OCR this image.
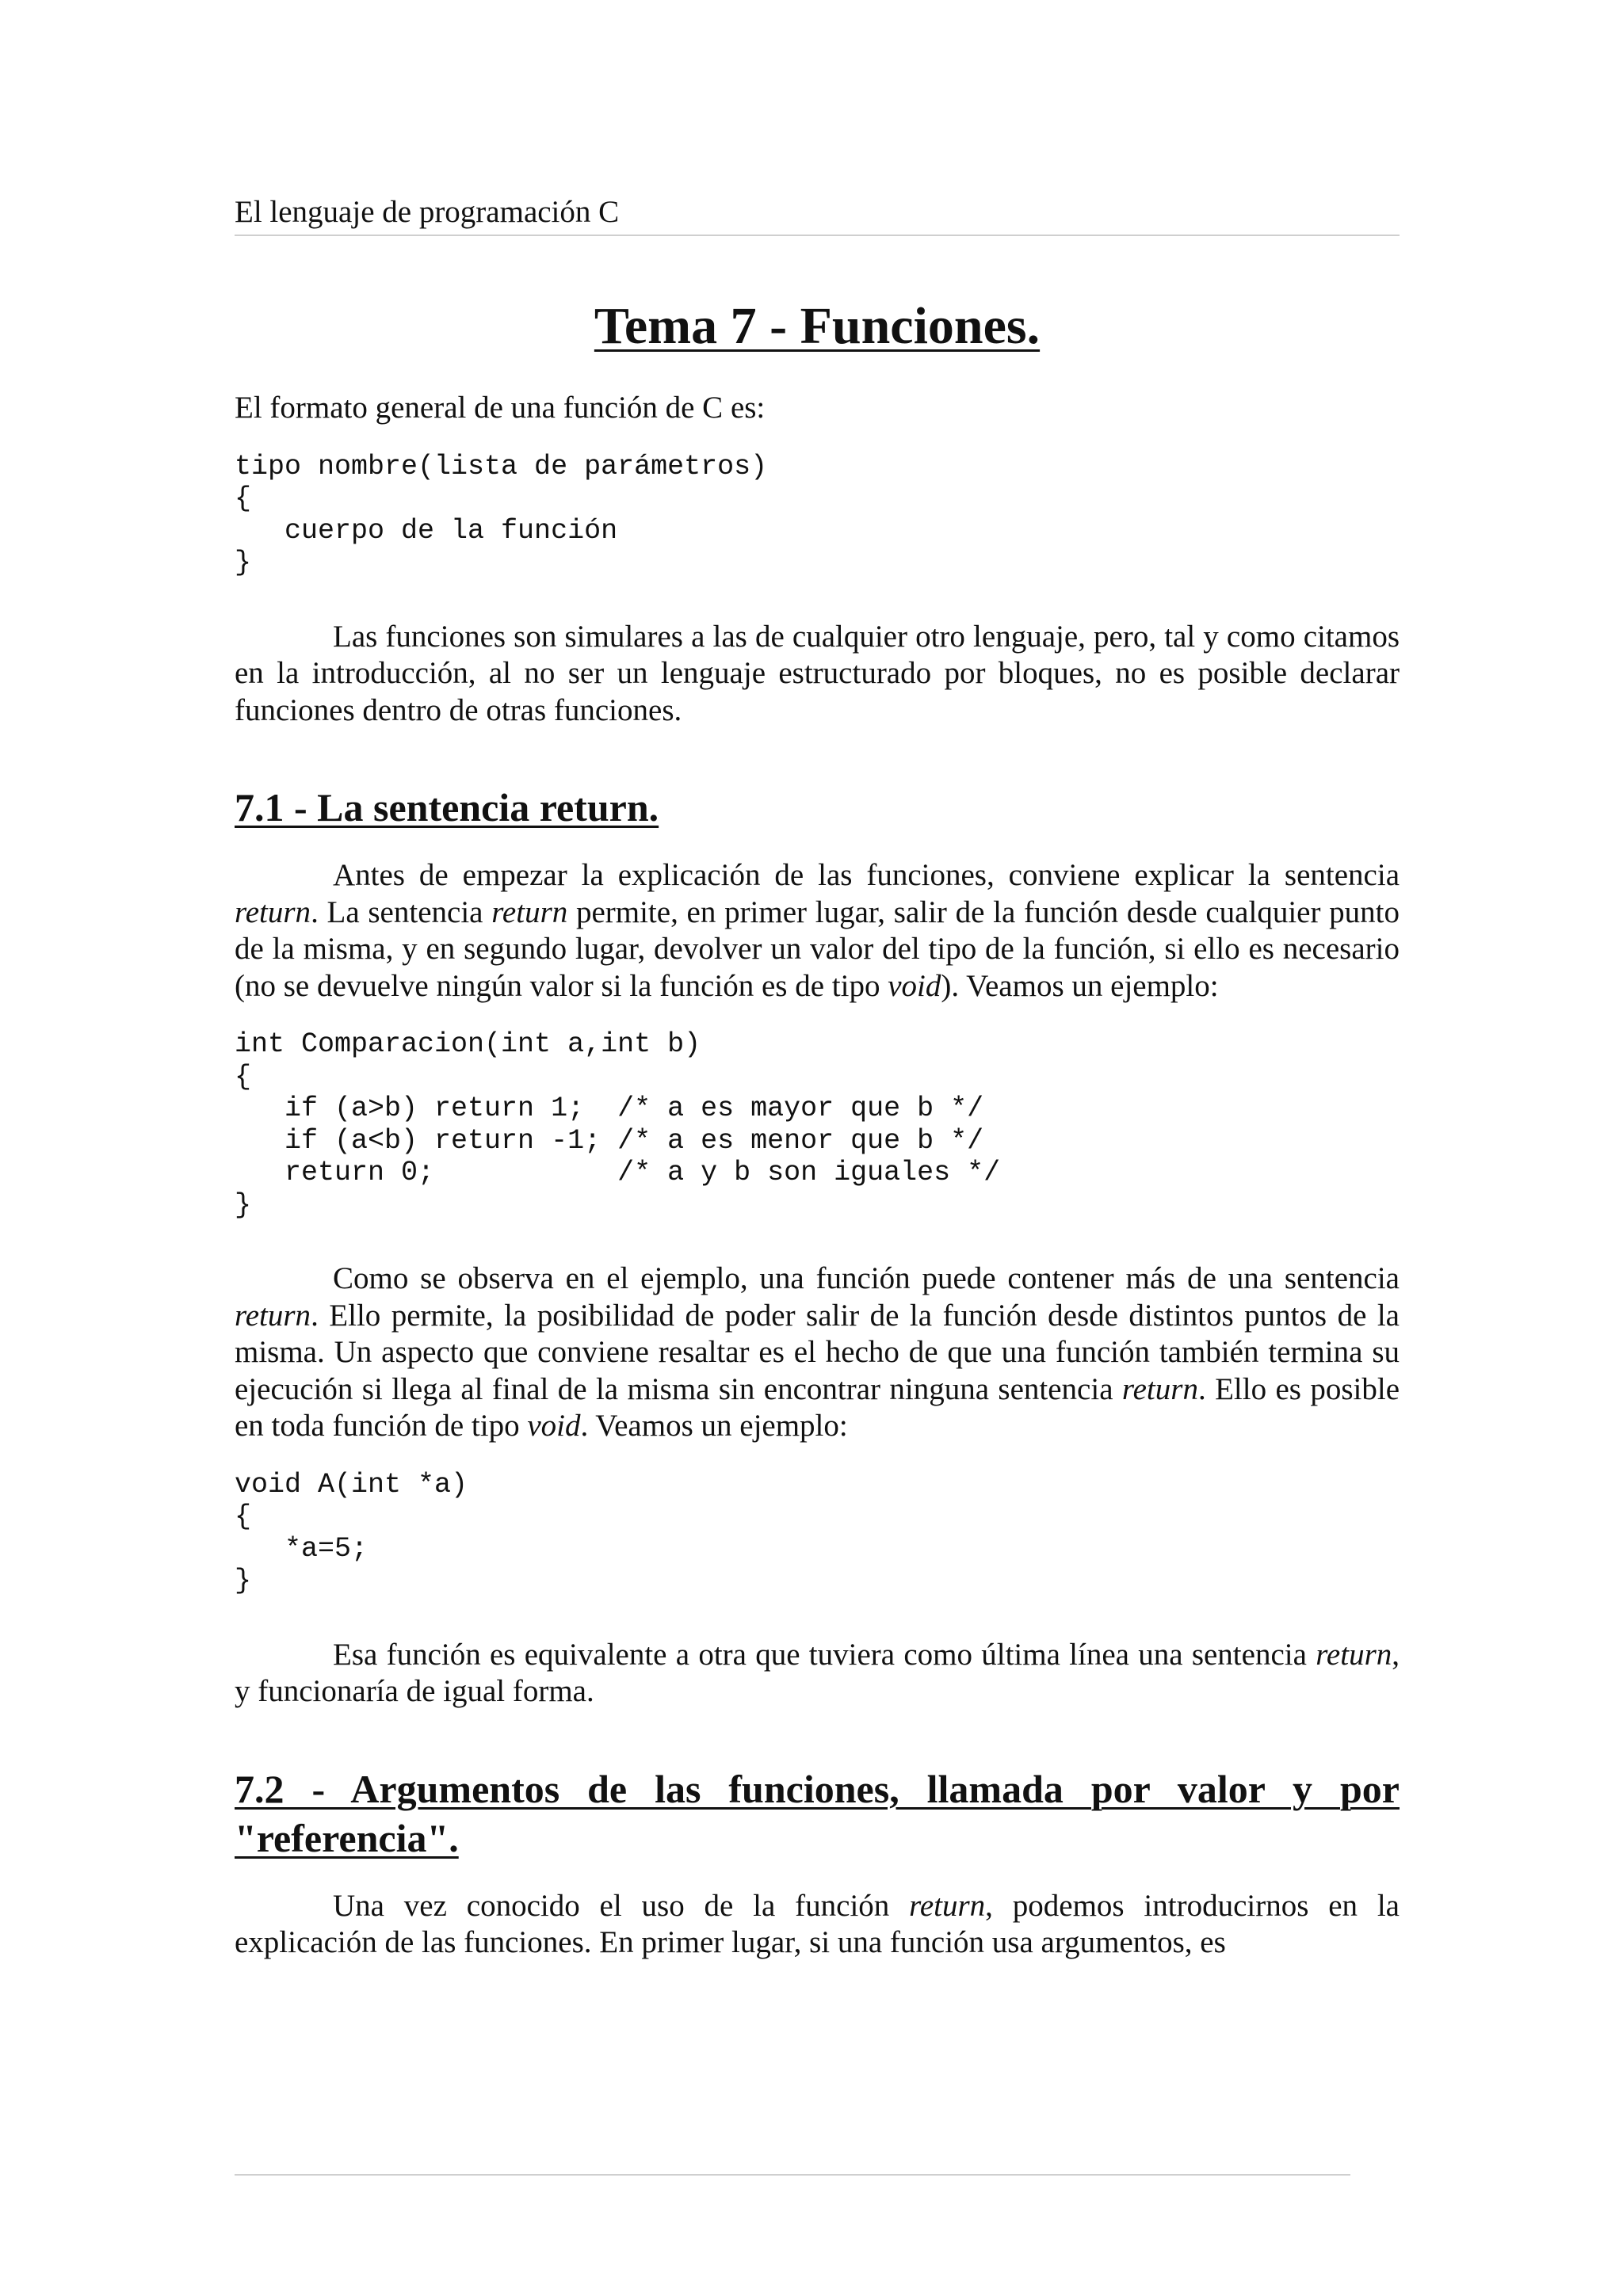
El lenguaje de programación C
Tema 7 - Funciones.

El formato general de una función de C es:

tipo nombre(lista de parámetros)
{
cuerpo de la función
}

Las funciones son simulares a las de cualquier otro lenguaje, pero, tal y como citamos en la introducción, al no ser un lenguaje estructurado por bloques, no es posible declarar funciones dentro de otras funciones.

7.1 - La sentencia return.

Antes de empezar la explicación de las funciones, conviene explicar la sentencia return. La sentencia return permite, en primer lugar, salir de la función desde cualquier punto de la misma, y en segundo lugar, devolver un valor del tipo de la función, si ello es necesario (no se devuelve ningún valor si la función es de tipo void). Veamos un ejemplo:

int Comparacion(int a,int b)
{
if (a>b) return 1;  /* a es mayor que b */
if (a<b) return -1; /* a es menor que b */
return 0;           /* a y b son iguales */
}

Como se observa en el ejemplo, una función puede contener más de una sentencia return. Ello permite, la posibilidad de poder salir de la función desde distintos puntos de la misma. Un aspecto que conviene resaltar es el hecho de que una función también termina su ejecución si llega al final de la misma sin encontrar ninguna sentencia return. Ello es posible en toda función de tipo void. Veamos un ejemplo:

void A(int *a)
{
*a=5;
}

Esa función es equivalente a otra que tuviera como última línea una sentencia return, y funcionaría de igual forma.

7.2 - Argumentos de las funciones, llamada por valor y por
"referencia".

Una vez conocido el uso de la función return, podemos introducirnos en la explicación de las funciones. En primer lugar, si una función usa argumentos, es
